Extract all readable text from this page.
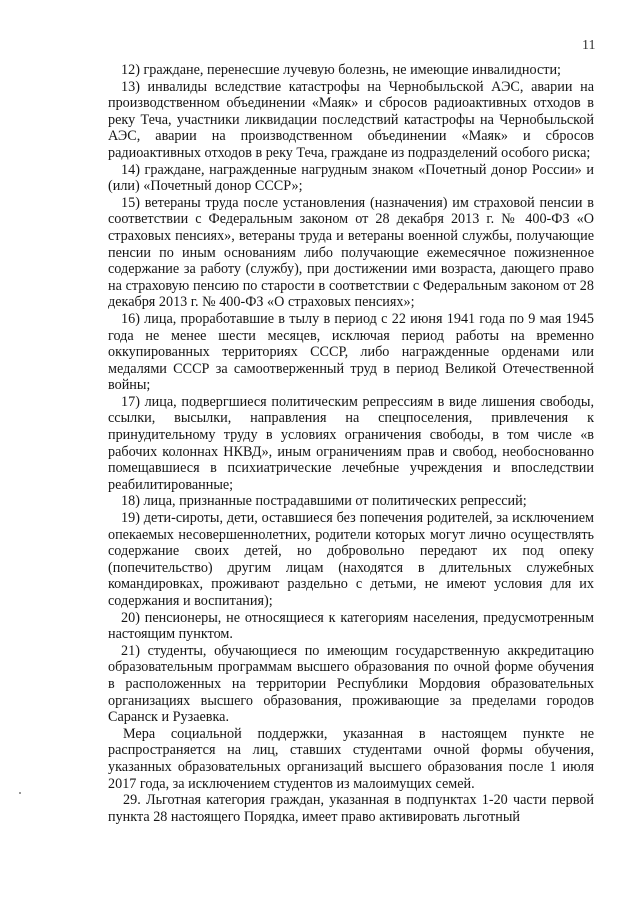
11

12) граждане, перенесшие лучевую болезнь, не имеющие инвалидности;

13) инвалиды вследствие катастрофы на Чернобыльской АЭС, аварии на производственном объединении «Маяк» и сбросов радиоактивных отходов в реку Теча, участники ликвидации последствий катастрофы на Чернобыльской АЭС, аварии на производственном объединении «Маяк» и сбросов радиоактивных отходов в реку Теча, граждане из подразделений особого риска;

14) граждане, награжденные нагрудным знаком «Почетный донор России» и (или) «Почетный донор СССР»;

15) ветераны труда после установления (назначения) им страховой пенсии в соответствии с Федеральным законом от 28 декабря 2013 г. № 400-ФЗ «О страховых пенсиях», ветераны труда и ветераны военной службы, получающие пенсии по иным основаниям либо получающие ежемесячное пожизненное содержание за работу (службу), при достижении ими возраста, дающего право на страховую пенсию по старости в соответствии с Федеральным законом от 28 декабря 2013 г. № 400-ФЗ «О страховых пенсиях»;

16) лица, проработавшие в тылу в период с 22 июня 1941 года по 9 мая 1945 года не менее шести месяцев, исключая период работы на временно оккупированных территориях СССР, либо награжденные орденами или медалями СССР за самоотверженный труд в период Великой Отечественной войны;

17) лица, подвергшиеся политическим репрессиям в виде лишения свободы, ссылки, высылки, направления на спецпоселения, привлечения к принудительному труду в условиях ограничения свободы, в том числе «в рабочих колоннах НКВД», иным ограничениям прав и свобод, необоснованно помещавшиеся в психиатрические лечебные учреждения и впоследствии реабилитированные;

18) лица, признанные пострадавшими от политических репрессий;

19) дети-сироты, дети, оставшиеся без попечения родителей, за исключением опекаемых несовершеннолетних, родители которых могут лично осуществлять содержание своих детей, но добровольно передают их под опеку (попечительство) другим лицам (находятся в длительных служебных командировках, проживают раздельно с детьми, не имеют условия для их содержания и воспитания);

20) пенсионеры, не относящиеся к категориям населения, предусмотренным настоящим пунктом.

21) студенты, обучающиеся по имеющим государственную аккредитацию образовательным программам высшего образования по очной форме обучения в расположенных на территории Республики Мордовия образовательных организациях высшего образования, проживающие за пределами городов Саранск и Рузаевка.

Мера социальной поддержки, указанная в настоящем пункте не распространяется на лиц, ставших студентами очной формы обучения, указанных образовательных организаций высшего образования после 1 июля 2017 года, за исключением студентов из малоимущих семей.

29. Льготная категория граждан, указанная в подпунктах 1-20 части первой пункта 28 настоящего Порядка, имеет право активировать льготный
